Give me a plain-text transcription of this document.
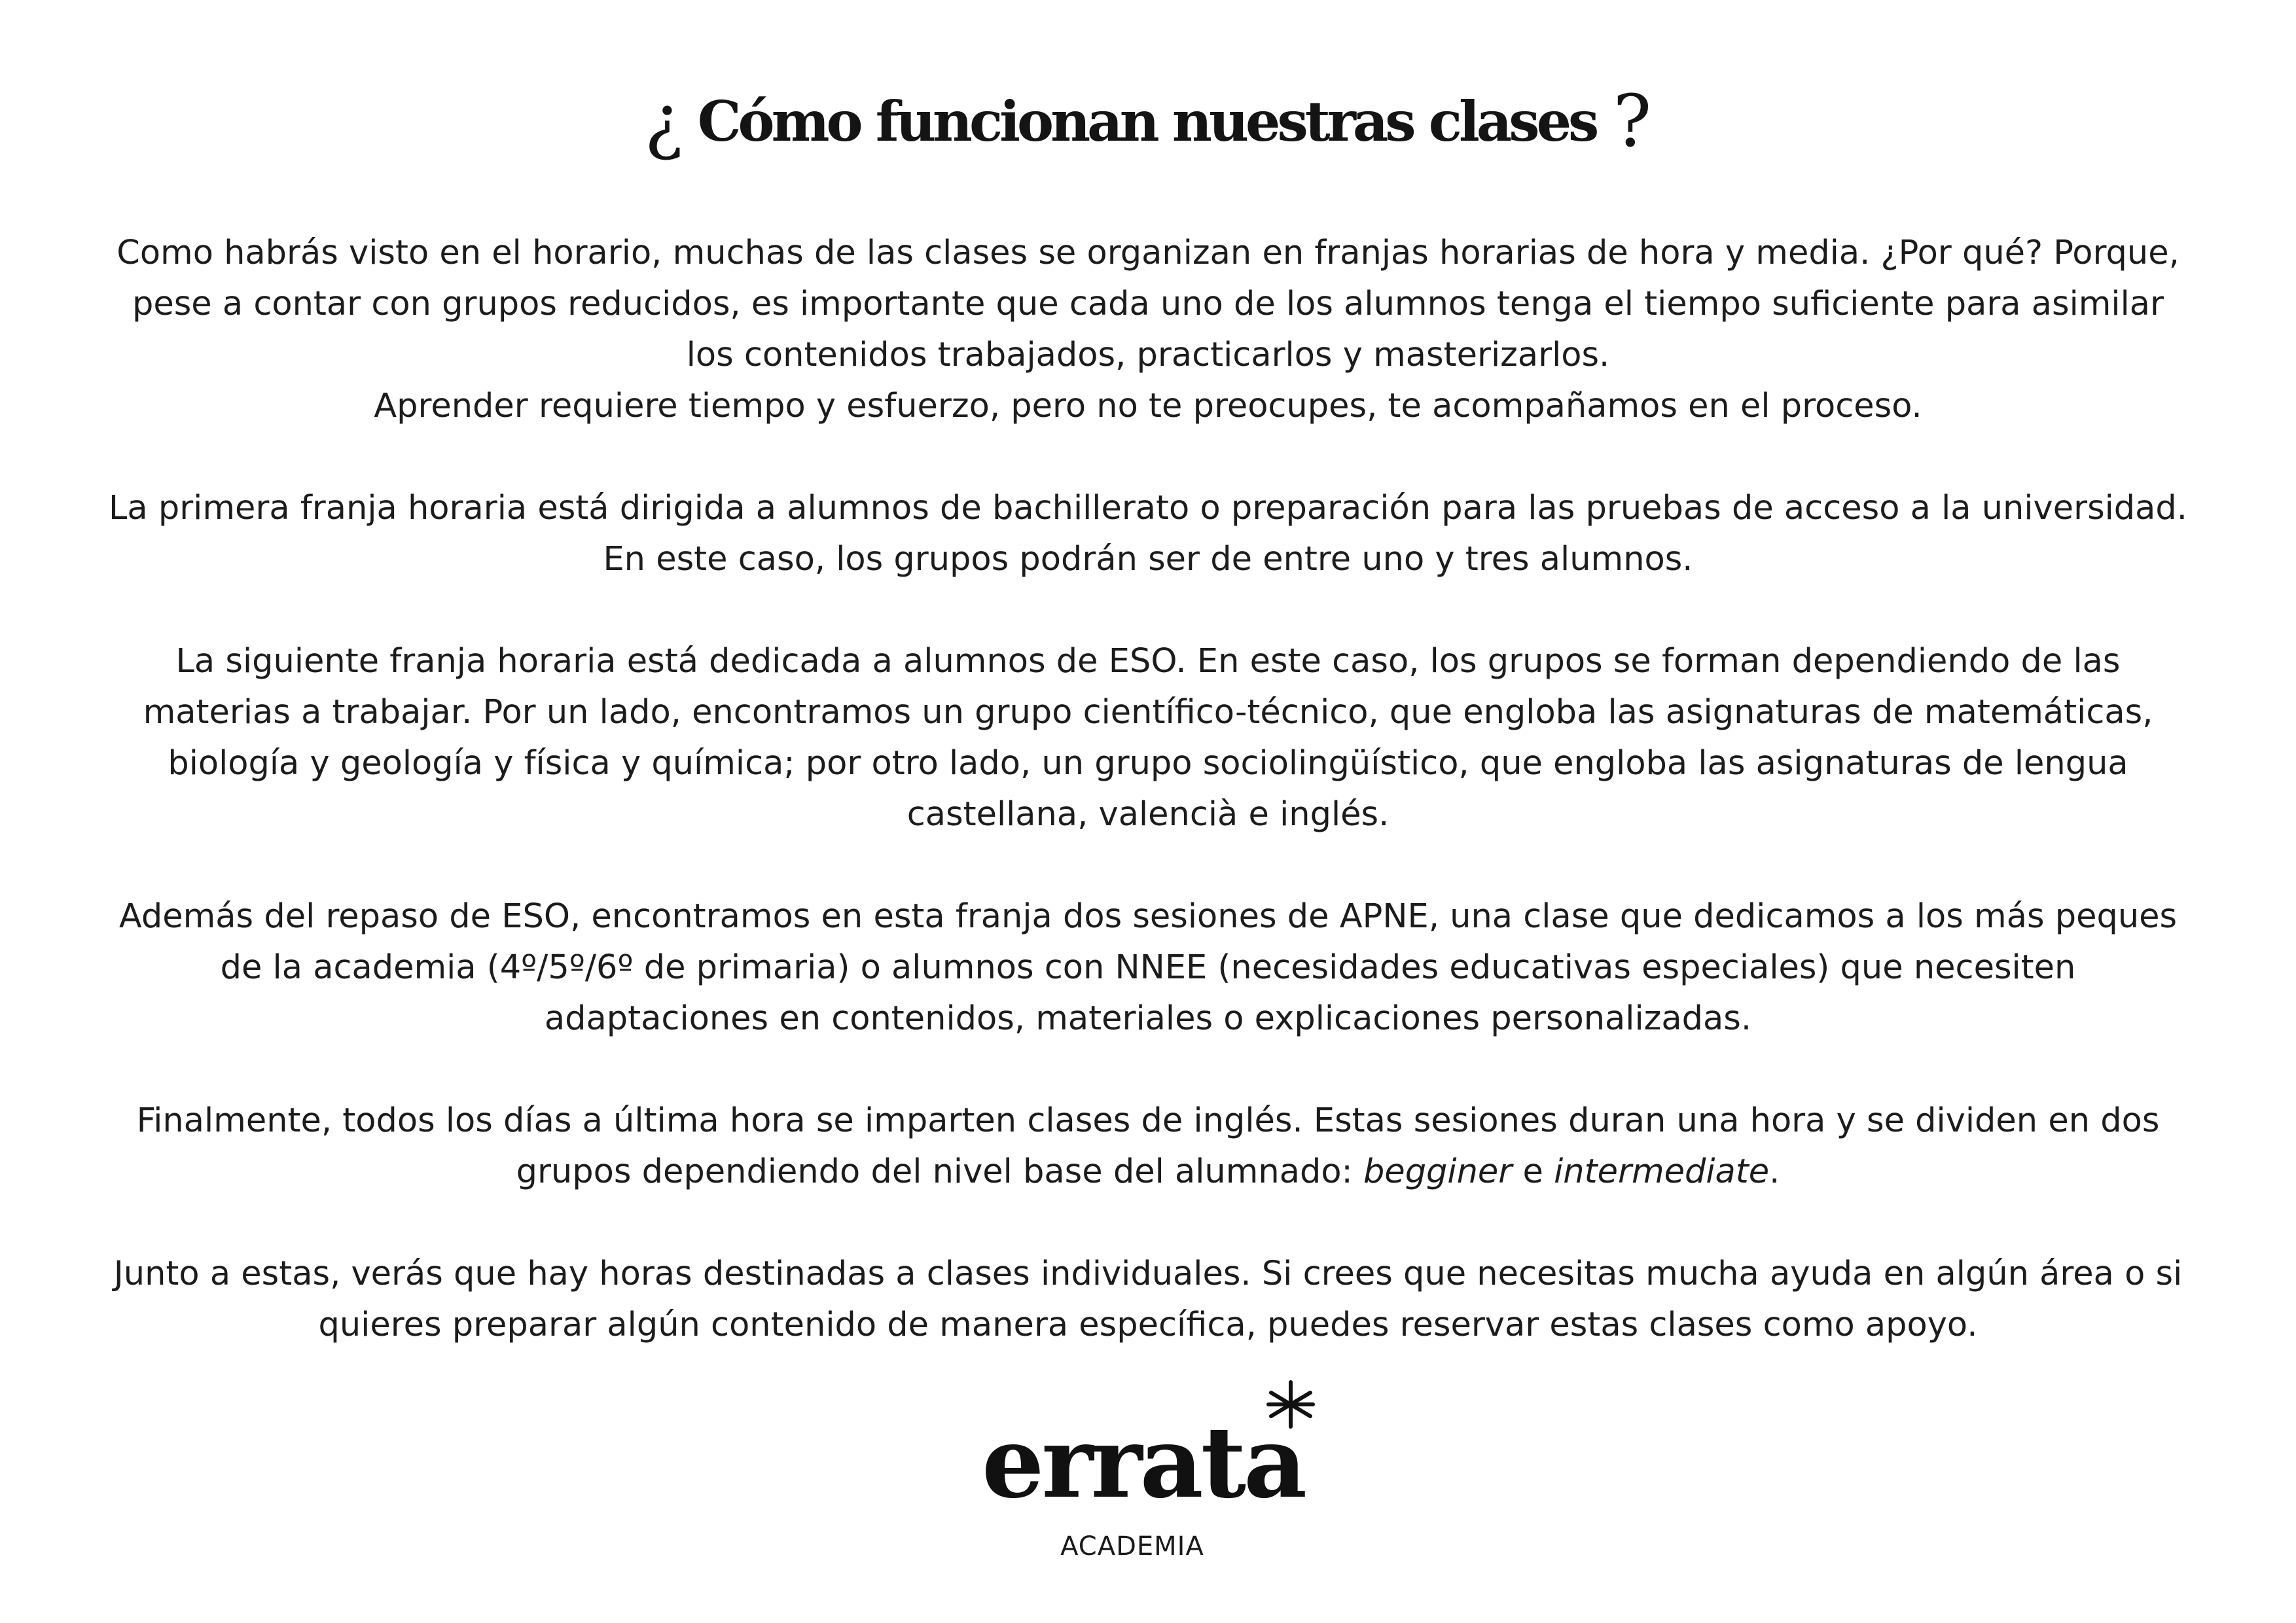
¿ Cómo funcionan nuestras clases ?

Como habrás visto en el horario, muchas de las clases se organizan en franjas horarias de hora y media. ¿Por qué? Porque, pese a contar con grupos reducidos, es importante que cada uno de los alumnos tenga el tiempo suficiente para asimilar los contenidos trabajados, practicarlos y masterizarlos.

Aprender requiere tiempo y esfuerzo, pero no te preocupes, te acompañamos en el proceso.

La primera franja horaria está dirigida a alumnos de bachillerato o preparación para las pruebas de acceso a la universidad. En este caso, los grupos podrán ser de entre uno y tres alumnos.

La siguiente franja horaria está dedicada a alumnos de ESO. En este caso, los grupos se forman dependiendo de las materias a trabajar. Por un lado, encontramos un grupo científico-técnico, que engloba las asignaturas de matemáticas, biología y geología y física y química; por otro lado, un grupo sociolingüístico, que engloba las asignaturas de lengua castellana, valencià e inglés.

Además del repaso de ESO, encontramos en esta franja dos sesiones de APNE, una clase que dedicamos a los más peques de la academia (4º/5º/6º de primaria) o alumnos con NNEE (necesidades educativas especiales) que necesiten adaptaciones en contenidos, materiales o explicaciones personalizadas.

Finalmente, todos los días a última hora se imparten clases de inglés. Estas sesiones duran una hora y se dividen en dos grupos dependiendo del nivel base del alumnado: begginer e intermediate.

Junto a estas, verás que hay horas destinadas a clases individuales. Si crees que necesitas mucha ayuda en algún área o si quieres preparar algún contenido de manera específica, puedes reservar estas clases como apoyo.

errata
ACADEMIA
